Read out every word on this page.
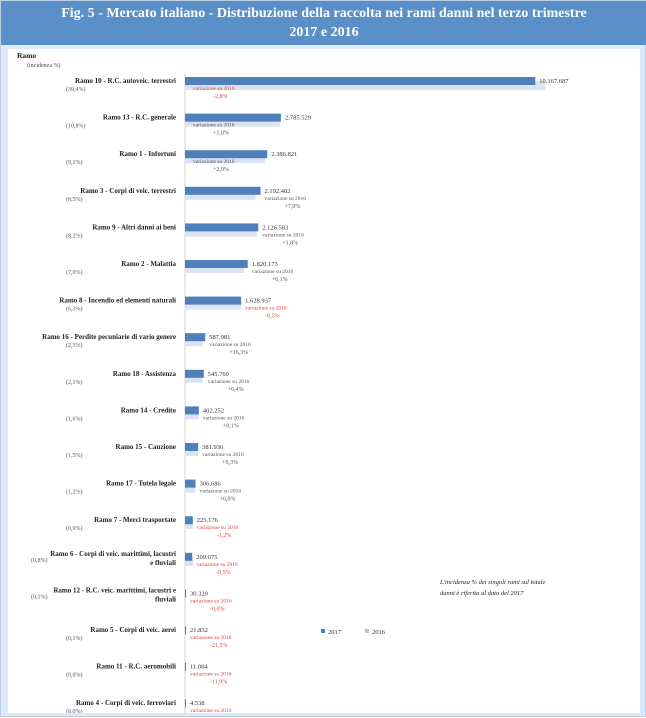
Fig. 5 - Mercato italiano - Distribuzione della raccolta nei rami danni nel terzo trimestre
2017 e 2016
Ramo
(incidenza %)
Ramo 10 - R.C. autoveic. terrestri
(39,4%)
10.167.687
variazione su 2016
-2,8%
Ramo 13 - R.C. generale
(10,8%)
2.785.529
variazione su 2016
+1,0%
Ramo 1 - Infortuni
(9,1%)
2.386.821
variazione su 2016
+2,9%
Ramo 3 - Corpi di veic. terrestri
(8,5%)
2.192.402
variazione su 2016
+7,0%
Ramo 9 - Altri danni ai beni
(8,2%)
2.126.583
variazione su 2016
+1,8%
Ramo 2 - Malattia
(7,0%)
1.820.173
variazione su 2016
+6,1%
Ramo 8 - Incendio ed elementi naturali
(6,3%)
1.628.937
variazione su 2016
-0,5%
Ramo 16 - Perdite pecuniarie di vario genere
(2,3%)
587.981
variazione su 2016
+16,3%
Ramo 18 - Assistenza
(2,1%)
545.760
variazione su 2016
+6,4%
Ramo 14 - Credito
(1,6%)
402.252
variazione su 2016
+0,1%
Ramo 15 - Cauzione
(1,5%)
381.936
variazione su 2016
+0,3%
Ramo 17 - Tutela legale
(1,2%)
306.686
variazione su 2016
+6,0%
Ramo 7 - Merci trasportate
(0,9%)
225.176
variazione su 2016
-1,2%
Ramo 6 - Corpi di veic. marittimi, lacustri
e fluviali
(0,8%)	209.075
variazione su 2016
-9,5%
Ramo 12 - R.C. veic. marittimi, lacustri e
fluviali
(0,1%)	30.320
variazione su 2016
-0,6%
Ramo 5 - Corpi di veic. aerei
(0,1%)
21.832
variazione su 2016
-21,5%
Ramo 11 - R.C. aeromobili
(0,0%)
11.084
variazione su 2016
-11,9%
Ramo 4 - Corpi di veic. ferroviari
(0,0%)
4.538
variazione su 2016
L'incidenza % dei singoli rami sul totale
danni è riferita al dato del 2017
2017	2016
